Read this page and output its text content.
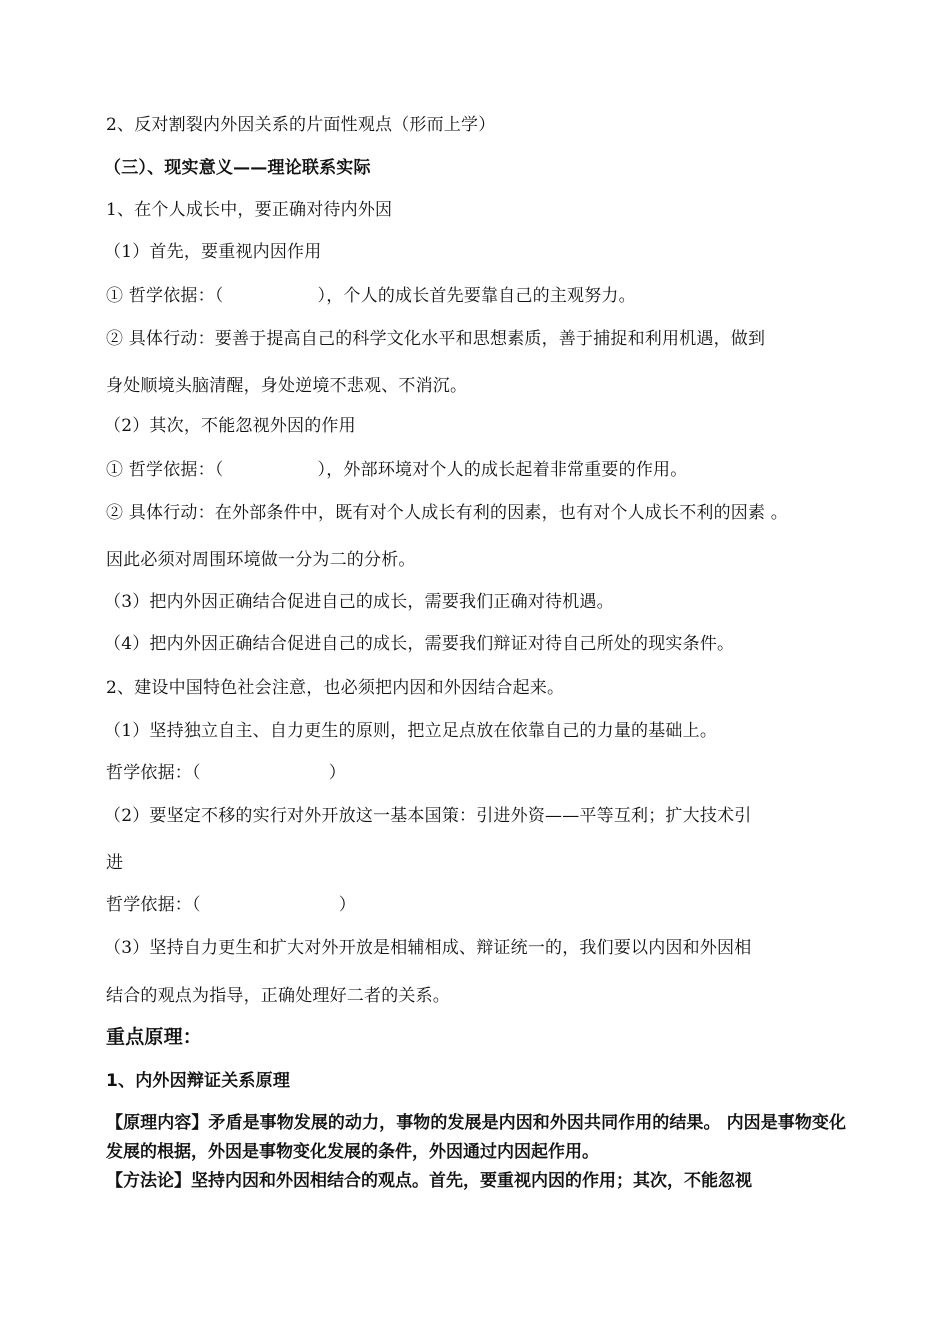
2、反对割裂内外因关系的片面性观点（形而上学）
（三）、现实意义——理论联系实际
1、在个人成长中，要正确对待内外因
（1）首先，要重视内因作用
① 哲学依据：（	），个人的成长首先要靠自己的主观努力。
② 具体行动：要善于提高自己的科学文化水平和思想素质，善于捕捉和利用机遇，做到
身处顺境头脑清醒，身处逆境不悲观、不消沉。
（2）其次，不能忽视外因的作用
① 哲学依据：（	），外部环境对个人的成长起着非常重要的作用。
② 具体行动：在外部条件中，既有对个人成长有利的因素，也有对个人成长不利的因素 。
因此必须对周围环境做一分为二的分析。
（3）把内外因正确结合促进自己的成长，需要我们正确对待机遇。
（4）把内外因正确结合促进自己的成长，需要我们辩证对待自己所处的现实条件。
2、建设中国特色社会注意，也必须把内因和外因结合起来。
（1）坚持独立自主、自力更生的原则，把立足点放在依靠自己的力量的基础上。
哲学依据：（	）
（2）要坚定不移的实行对外开放这一基本国策：引进外资——平等互利；扩大技术引
进
哲学依据：（	）
（3）坚持自力更生和扩大对外开放是相辅相成、辩证统一的，我们要以内因和外因相
结合的观点为指导，正确处理好二者的关系。
重点原理：
1、内外因辩证关系原理
【原理内容】矛盾是事物发展的动力，事物的发展是内因和外因共同作用的结果。 内因是事物变化发展的根据，外因是事物变化发展的条件，外因通过内因起作用。
【方法论】坚持内因和外因相结合的观点。首先，要重视内因的作用；其次，不能忽视
